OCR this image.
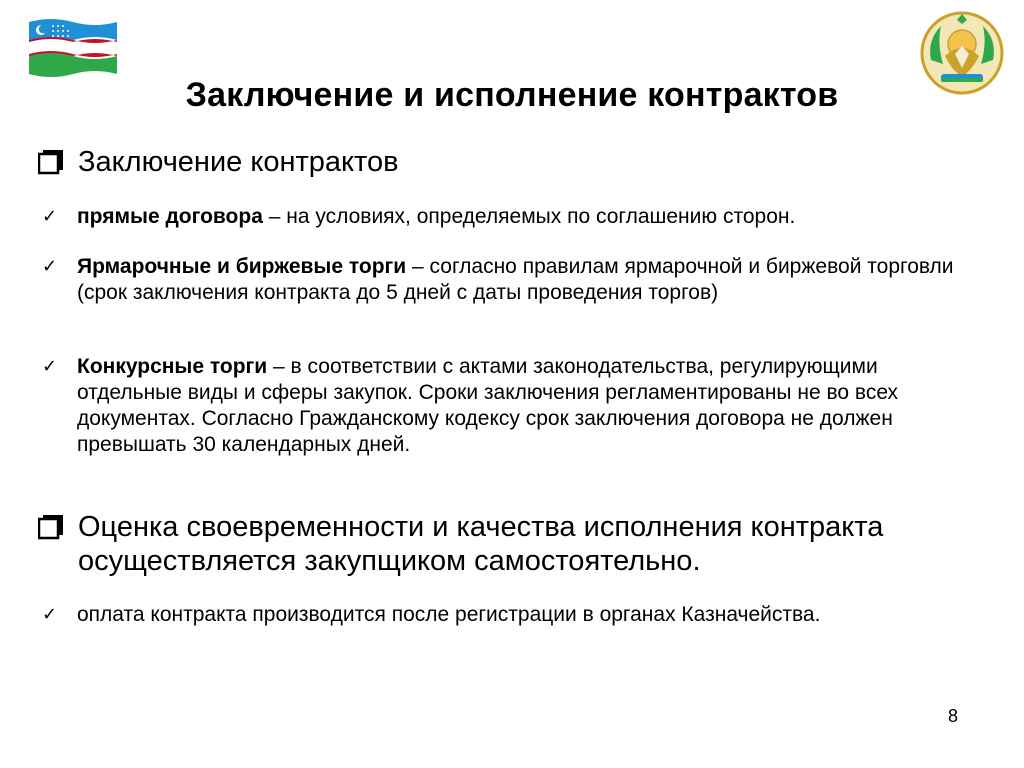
Заключение и исполнение контрактов
Заключение контрактов
✓ прямые договора – на условиях, определяемых по соглашению сторон.
✓ Ярмарочные и биржевые торги – согласно правилам ярмарочной и биржевой торговли (срок заключения контракта до 5 дней с даты проведения торгов)
✓ Конкурсные торги – в соответствии с актами законодательства, регулирующими отдельные виды и сферы закупок. Сроки заключения регламентированы не во всех документах. Согласно Гражданскому кодексу срок заключения договора не должен превышать 30 календарных дней.
Оценка своевременности и качества исполнения контракта осуществляется закупщиком самостоятельно.
✓ оплата контракта производится после регистрации в органах Казначейства.
8
